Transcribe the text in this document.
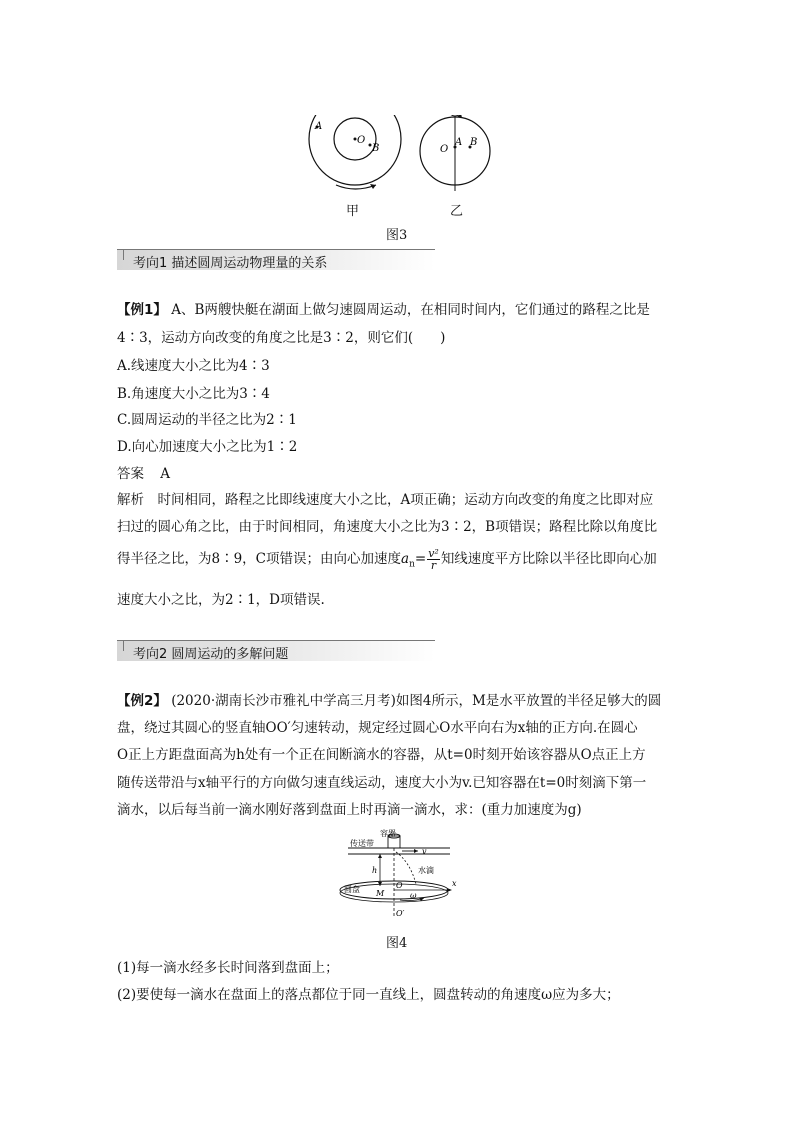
A
O
B	O
A B
甲	乙
图3
考向1 描述圆周运动物理量的关系
【例1】 A、B两艘快艇在湖面上做匀速圆周运动，在相同时间内，它们通过的路程之比是
4∶3，运动方向改变的角度之比是3∶2，则它们(　　)
A.线速度大小之比为4∶3
B.角速度大小之比为3∶4
C.圆周运动的半径之比为2∶1
D.向心加速度大小之比为1∶2
答案 A
解析　时间相同，路程之比即线速度大小之比，A项正确；运动方向改变的角度之比即对应
扫过的圆心角之比，由于时间相同，角速度大小之比为3∶2，B项错误；路程比除以角度比
得半径之比，为8∶9，C项错误；由向心加速度$a_n= \frac{\text{v²}}{r}$ 知线速度平方比除以半径比即向心加
速度大小之比，为2∶1，D项错误.
考向2 圆周运动的多解问题
【例2】 (2020·湖南长沙市雅礼中学高三月考)如图4所示，M是水平放置的半径足够大的圆
盘，绕过其圆心的竖直轴OO′匀速转动，规定经过圆心O水平向右为x轴的正方向.在圆心
O正上方距盘面高为h处有一个正在间断滴水的容器，从t=0时刻开始该容器从O点正上方
随传送带沿与x轴平行的方向做匀速直线运动，速度大小为v.已知容器在t=0时刻滴下第一
滴水，以后每当前一滴水刚好落到盘面上时再滴一滴水，求：(重力加速度为g)
容器
传送带
v
h	水滴
O	x
圆盘 M	ω
O′
图4
(1)每一滴水经多长时间落到盘面上；
(2)要使每一滴水在盘面上的落点都位于同一直线上，圆盘转动的角速度ω应为多大；
